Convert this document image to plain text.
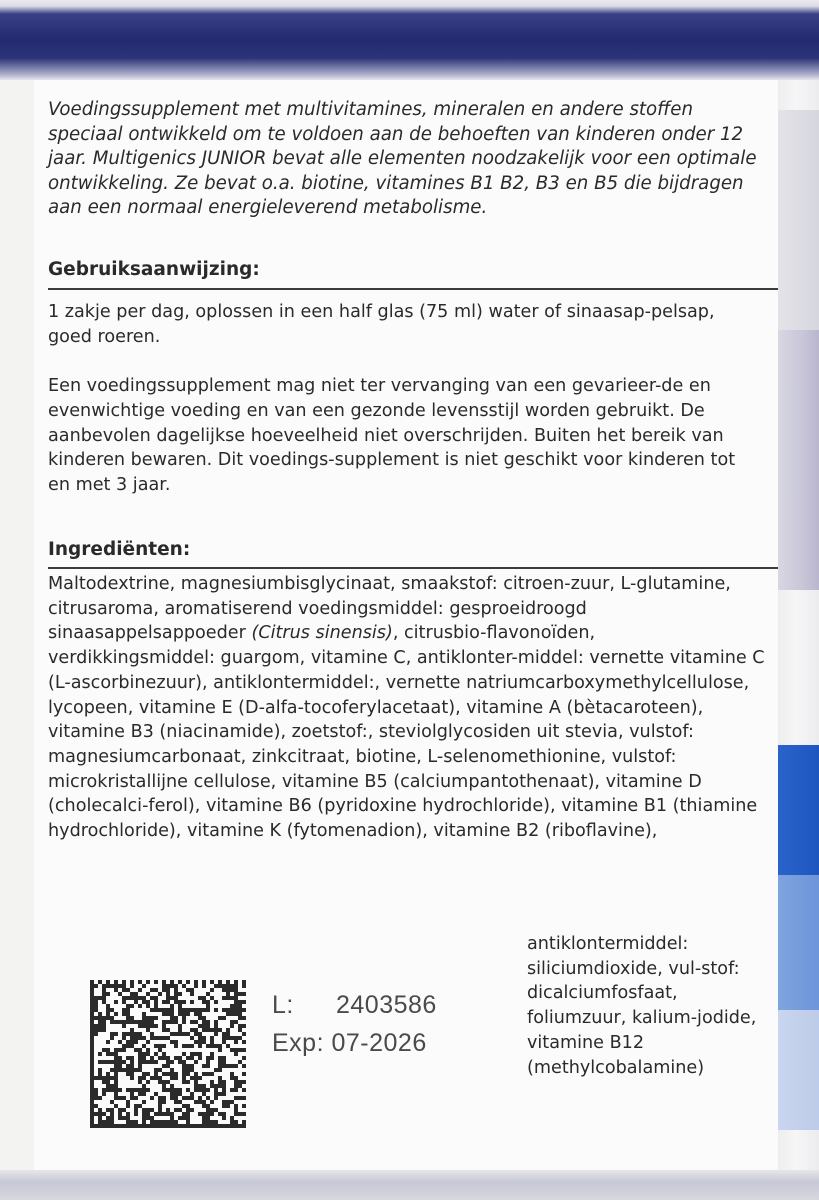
Voedingssupplement met multivitamines, mineralen en andere stoffen speciaal ontwikkeld om te voldoen aan de behoeften van kinderen onder 12 jaar. Multigenics JUNIOR bevat alle elementen noodzakelijk voor een optimale ontwikkeling. Ze bevat o.a. biotine, vitamines B1 B2, B3 en B5 die bijdragen aan een normaal energieleverend metabolisme.

Gebruiksaanwijzing:

1 zakje per dag, oplossen in een half glas (75 ml) water of sinaasap-pelsap, goed roeren.

Een voedingssupplement mag niet ter vervanging van een gevarieer-de en evenwichtige voeding en van een gezonde levensstijl worden gebruikt. De aanbevolen dagelijkse hoeveelheid niet overschrijden. Buiten het bereik van kinderen bewaren. Dit voedings-supplement is niet geschikt voor kinderen tot en met 3 jaar.

Ingrediënten:

Maltodextrine, magnesiumbisglycinaat, smaakstof: citroen-zuur, L-glutamine, citrusaroma, aromatiserend voedingsmiddel: gesproeidroogd sinaasappelsappoeder (Citrus sinensis), citrusbio-flavonoïden, verdikkingsmiddel: guargom, vitamine C, antiklonter-middel: vernette vitamine C (L-ascorbinezuur), antiklontermiddel:, vernette natriumcarboxymethylcellulose, lycopeen, vitamine E (D-alfa-tocoferylacetaat), vitamine A (bètacaroteen), vitamine B3 (niacinamide), zoetstof:, steviolglycosiden uit stevia, vulstof: magnesiumcarbonaat, zinkcitraat, biotine, L-selenomethionine, vulstof: microkristallijne cellulose, vitamine B5 (calciumpantothenaat), vitamine D (cholecalci-ferol), vitamine B6 (pyridoxine hydrochloride), vitamine B1 (thiamine hydrochloride), vitamine K (fytomenadion), vitamine B2 (riboflavine),

antiklontermiddel: siliciumdioxide, vul-stof: dicalciumfosfaat, foliumzuur, kalium-jodide, vitamine B12 (methylcobalamine)

L: 2403586
Exp: 07-2026
